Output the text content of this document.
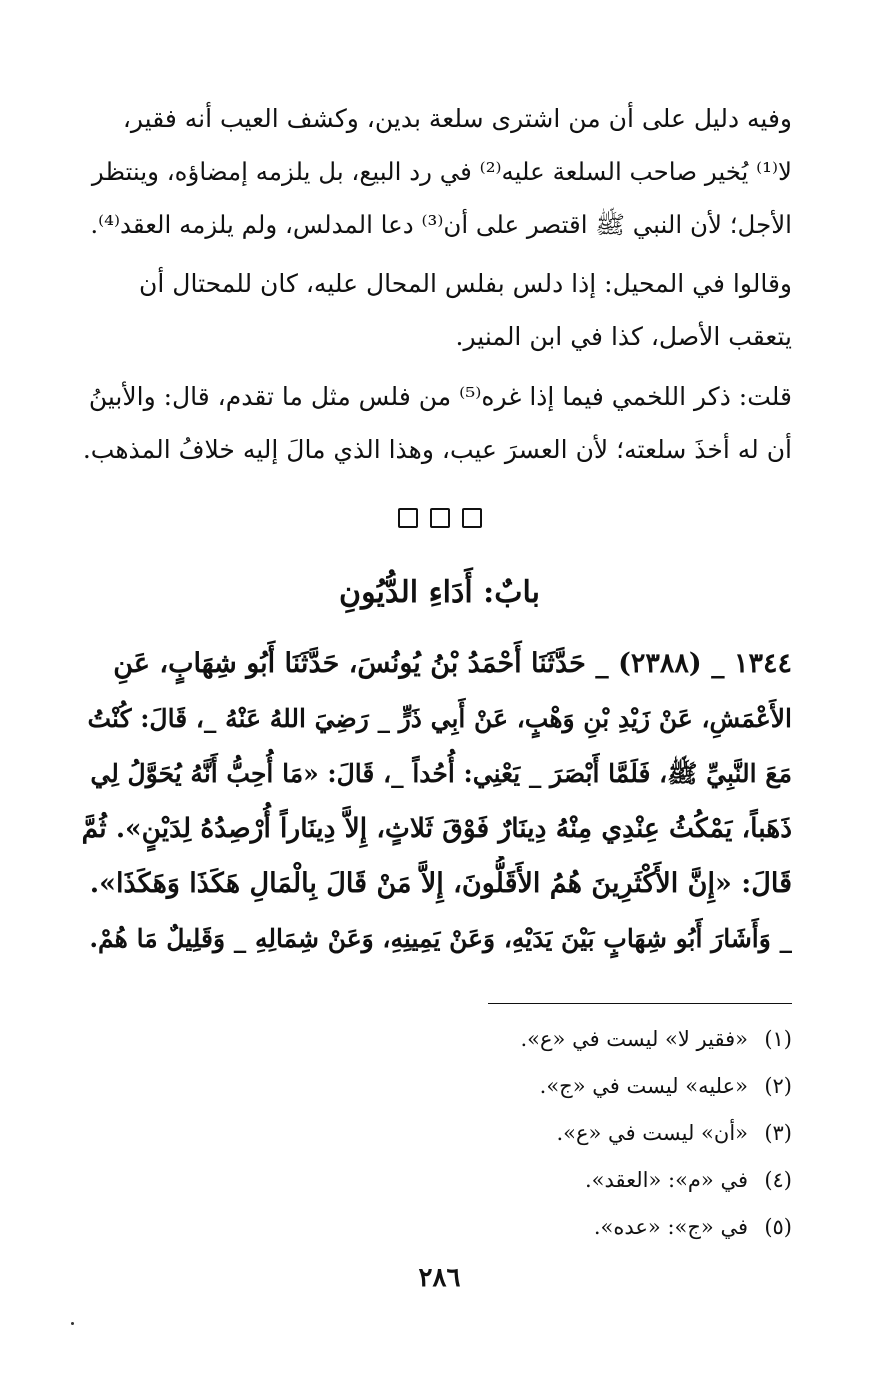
وفيه دليل على أن من اشترى سلعة بدين، وكشف العيب أنه فقير،
لا⁽¹⁾ يُخير صاحب السلعة عليه⁽²⁾ في رد البيع، بل يلزمه إمضاؤه، وينتظر
الأجل؛ لأن النبي ﷺ اقتصر على أن⁽³⁾ دعا المدلس، ولم يلزمه العقد⁽⁴⁾.
وقالوا في المحيل: إذا دلس بفلس المحال عليه، كان للمحتال أن
يتعقب الأصل، كذا في ابن المنير.
قلت: ذكر اللخمي فيما إذا غره⁽⁵⁾ من فلس مثل ما تقدم، قال: والأبينُ
أن له أخذَ سلعته؛ لأن العسرَ عيب، وهذا الذي مالَ إليه خلافُ المذهب.
بابٌ: أَدَاءِ الدُّيُونِ
١٣٤٤ _ (٢٣٨٨) _ حَدَّثَنَا أَحْمَدُ بْنُ يُونُسَ، حَدَّثَنَا أَبُو شِهَابٍ، عَنِ
الأَعْمَشِ، عَنْ زَيْدِ بْنِ وَهْبٍ، عَنْ أَبِي ذَرٍّ _ رَضِيَ اللهُ عَنْهُ _، قَالَ: كُنْتُ
مَعَ النَّبِيِّ ﷺ، فَلَمَّا أَبْصَرَ _ يَعْنِي: أُحُداً _، قَالَ: «مَا أُحِبُّ أَنَّهُ يُحَوَّلُ لِي
ذَهَباً، يَمْكُثُ عِنْدِي مِنْهُ دِينَارٌ فَوْقَ ثَلاثٍ، إِلاَّ دِينَاراً أُرْصِدُهُ لِدَيْنٍ». ثُمَّ
قَالَ: «إِنَّ الأَكْثَرِينَ هُمُ الأَقَلُّونَ، إِلاَّ مَنْ قَالَ بِالْمَالِ هَكَذَا وَهَكَذَا».
_ وَأَشَارَ أَبُو شِهَابٍ بَيْنَ يَدَيْهِ، وَعَنْ يَمِينِهِ، وَعَنْ شِمَالِهِ _ وَقَلِيلٌ مَا هُمْ.
(١)
«فقير لا» ليست في «ع».
(٢)
«عليه» ليست في «ج».
(٣)
«أن» ليست في «ع».
(٤)
في «م»: «العقد».
(٥)
في «ج»: «عده».
٢٨٦
